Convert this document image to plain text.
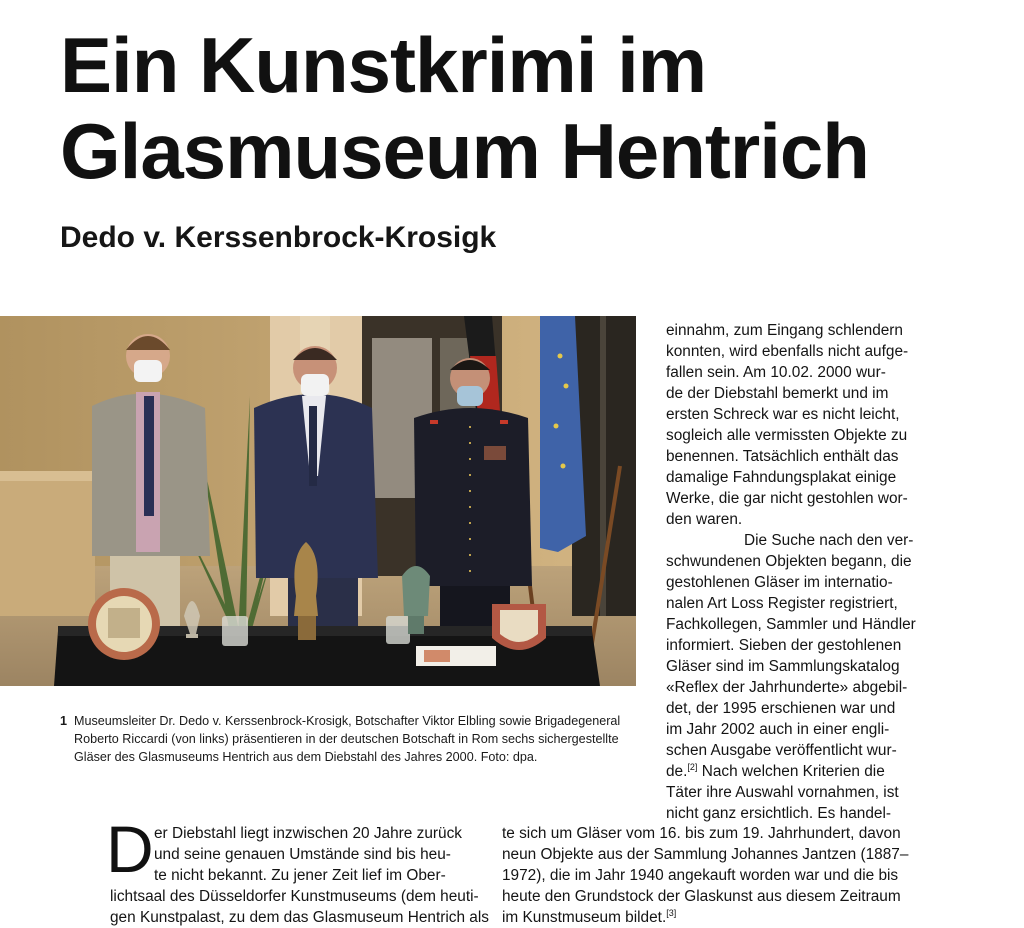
Ein Kunstkrimi im
Glasmuseum Hentrich
Dedo v. Kerssenbrock-Krosigk
1 Museumsleiter Dr. Dedo v. Kerssenbrock-Krosigk, Botschafter Viktor Elbling sowie Brigadegeneral
Roberto Riccardi (von links) präsentieren in der deutschen Botschaft in Rom sechs sichergestellte
Gläser des Glasmuseums Hentrich aus dem Diebstahl des Jahres 2000. Foto: dpa.
einnahm, zum Eingang schlendern
konnten, wird ebenfalls nicht aufge-
fallen sein. Am 10.02. 2000 wur-
de der Diebstahl bemerkt und im
ersten Schreck war es nicht leicht,
sogleich alle vermissten Objekte zu
benennen. Tatsächlich enthält das
damalige Fahndungsplakat einige
Werke, die gar nicht gestohlen wor-
den waren.
Die Suche nach den ver-
schwundenen Objekten begann, die
gestohlenen Gläser im internatio-
nalen Art Loss Register registriert,
Fachkollegen, Sammler und Händler
informiert. Sieben der gestohlenen
Gläser sind im Sammlungskatalog
«Reflex der Jahrhunderte» abgebil-
det, der 1995 erschienen war und
im Jahr 2002 auch in einer engli-
schen Ausgabe veröffentlicht wur-
de.[2] Nach welchen Kriterien die
Täter ihre Auswahl vornahmen, ist
nicht ganz ersichtlich. Es handel-
D er Diebstahl liegt inzwischen 20 Jahre zurück
und seine genauen Umstände sind bis heu-
te nicht bekannt. Zu jener Zeit lief im Ober-
lichtsaal des Düsseldorfer Kunstmuseums (dem heuti-
gen Kunstpalast, zu dem das Glasmuseum Hentrich als
te sich um Gläser vom 16. bis zum 19. Jahrhundert, davon
neun Objekte aus der Sammlung Johannes Jantzen (1887–
1972), die im Jahr 1940 angekauft worden war und die bis
heute den Grundstock der Glaskunst aus diesem Zeitraum
im Kunstmuseum bildet.[3]
